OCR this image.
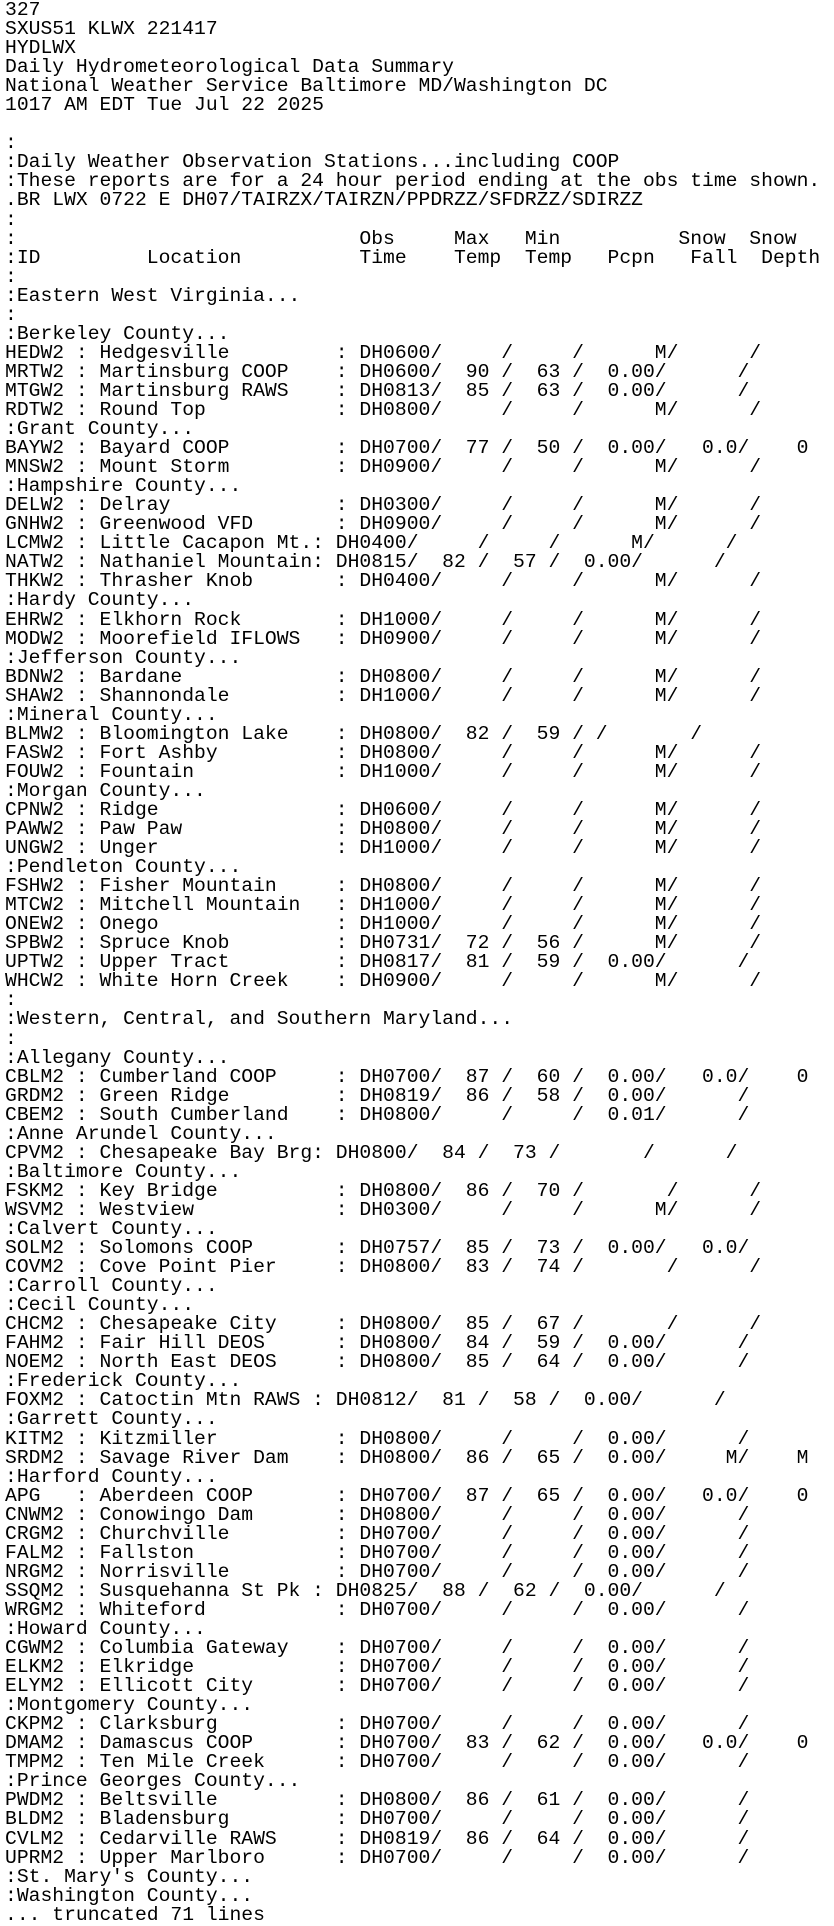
327
SXUS51 KLWX 221417
HYDLWX
Daily Hydrometeorological Data Summary
National Weather Service Baltimore MD/Washington DC
1017 AM EDT Tue Jul 22 2025

:
:Daily Weather Observation Stations...including COOP
:These reports are for a 24 hour period ending at the obs time shown.
.BR LWX 0722 E DH07/TAIRZX/TAIRZN/PPDRZZ/SFDRZZ/SDIRZZ
:
:                             Obs     Max   Min          Snow  Snow
:ID         Location          Time    Temp  Temp   Pcpn   Fall  Depth
:
:Eastern West Virginia...
:
:Berkeley County...
HEDW2 : Hedgesville         : DH0600/     /     /      M/      /
MRTW2 : Martinsburg COOP    : DH0600/  90 /  63 /  0.00/      /
MTGW2 : Martinsburg RAWS    : DH0813/  85 /  63 /  0.00/      /
RDTW2 : Round Top           : DH0800/     /     /      M/      /
:Grant County...
BAYW2 : Bayard COOP         : DH0700/  77 /  50 /  0.00/   0.0/    0
MNSW2 : Mount Storm         : DH0900/     /     /      M/      /
:Hampshire County...
DELW2 : Delray              : DH0300/     /     /      M/      /
GNHW2 : Greenwood VFD       : DH0900/     /     /      M/      /
LCMW2 : Little Cacapon Mt.: DH0400/     /     /      M/      /
NATW2 : Nathaniel Mountain: DH0815/  82 /  57 /  0.00/      /
THKW2 : Thrasher Knob       : DH0400/     /     /      M/      /
:Hardy County...
EHRW2 : Elkhorn Rock        : DH1000/     /     /      M/      /
MODW2 : Moorefield IFLOWS   : DH0900/     /     /      M/      /
:Jefferson County...
BDNW2 : Bardane             : DH0800/     /     /      M/      /
SHAW2 : Shannondale         : DH1000/     /     /      M/      /
:Mineral County...
BLMW2 : Bloomington Lake    : DH0800/  82 /  59 / /       /
FASW2 : Fort Ashby          : DH0800/     /     /      M/      /
FOUW2 : Fountain            : DH1000/     /     /      M/      /
:Morgan County...
CPNW2 : Ridge               : DH0600/     /     /      M/      /
PAWW2 : Paw Paw             : DH0800/     /     /      M/      /
UNGW2 : Unger               : DH1000/     /     /      M/      /
:Pendleton County...
FSHW2 : Fisher Mountain     : DH0800/     /     /      M/      /
MTCW2 : Mitchell Mountain   : DH1000/     /     /      M/      /
ONEW2 : Onego               : DH1000/     /     /      M/      /
SPBW2 : Spruce Knob         : DH0731/  72 /  56 /      M/      /
UPTW2 : Upper Tract         : DH0817/  81 /  59 /  0.00/      /
WHCW2 : White Horn Creek    : DH0900/     /     /      M/      /
:
:Western, Central, and Southern Maryland...
:
:Allegany County...
CBLM2 : Cumberland COOP     : DH0700/  87 /  60 /  0.00/   0.0/    0
GRDM2 : Green Ridge         : DH0819/  86 /  58 /  0.00/      /
CBEM2 : South Cumberland    : DH0800/     /     /  0.01/      /
:Anne Arundel County...
CPVM2 : Chesapeake Bay Brg: DH0800/  84 /  73 /       /      /
:Baltimore County...
FSKM2 : Key Bridge          : DH0800/  86 /  70 /       /      /
WSVM2 : Westview            : DH0300/     /     /      M/      /
:Calvert County...
SOLM2 : Solomons COOP       : DH0757/  85 /  73 /  0.00/   0.0/
COVM2 : Cove Point Pier     : DH0800/  83 /  74 /       /      /
:Carroll County...
:Cecil County...
CHCM2 : Chesapeake City     : DH0800/  85 /  67 /       /      /
FAHM2 : Fair Hill DEOS      : DH0800/  84 /  59 /  0.00/      /
NOEM2 : North East DEOS     : DH0800/  85 /  64 /  0.00/      /
:Frederick County...
FOXM2 : Catoctin Mtn RAWS : DH0812/  81 /  58 /  0.00/      /
:Garrett County...
KITM2 : Kitzmiller          : DH0800/     /     /  0.00/      /
SRDM2 : Savage River Dam    : DH0800/  86 /  65 /  0.00/     M/    M
:Harford County...
APG   : Aberdeen COOP       : DH0700/  87 /  65 /  0.00/   0.0/    0
CNWM2 : Conowingo Dam       : DH0800/     /     /  0.00/      /
CRGM2 : Churchville         : DH0700/     /     /  0.00/      /
FALM2 : Fallston            : DH0700/     /     /  0.00/      /
NRGM2 : Norrisville         : DH0700/     /     /  0.00/      /
SSQM2 : Susquehanna St Pk : DH0825/  88 /  62 /  0.00/      /
WRGM2 : Whiteford           : DH0700/     /     /  0.00/      /
:Howard County...
CGWM2 : Columbia Gateway    : DH0700/     /     /  0.00/      /
ELKM2 : Elkridge            : DH0700/     /     /  0.00/      /
ELYM2 : Ellicott City       : DH0700/     /     /  0.00/      /
:Montgomery County...
CKPM2 : Clarksburg          : DH0700/     /     /  0.00/      /
DMAM2 : Damascus COOP       : DH0700/  83 /  62 /  0.00/   0.0/    0
TMPM2 : Ten Mile Creek      : DH0700/     /     /  0.00/      /
:Prince Georges County...
PWDM2 : Beltsville          : DH0800/  86 /  61 /  0.00/      /
BLDM2 : Bladensburg         : DH0700/     /     /  0.00/      /
CVLM2 : Cedarville RAWS     : DH0819/  86 /  64 /  0.00/      /
UPRM2 : Upper Marlboro      : DH0700/     /     /  0.00/      /
:St. Mary's County...
:Washington County...
... truncated 71 lines
